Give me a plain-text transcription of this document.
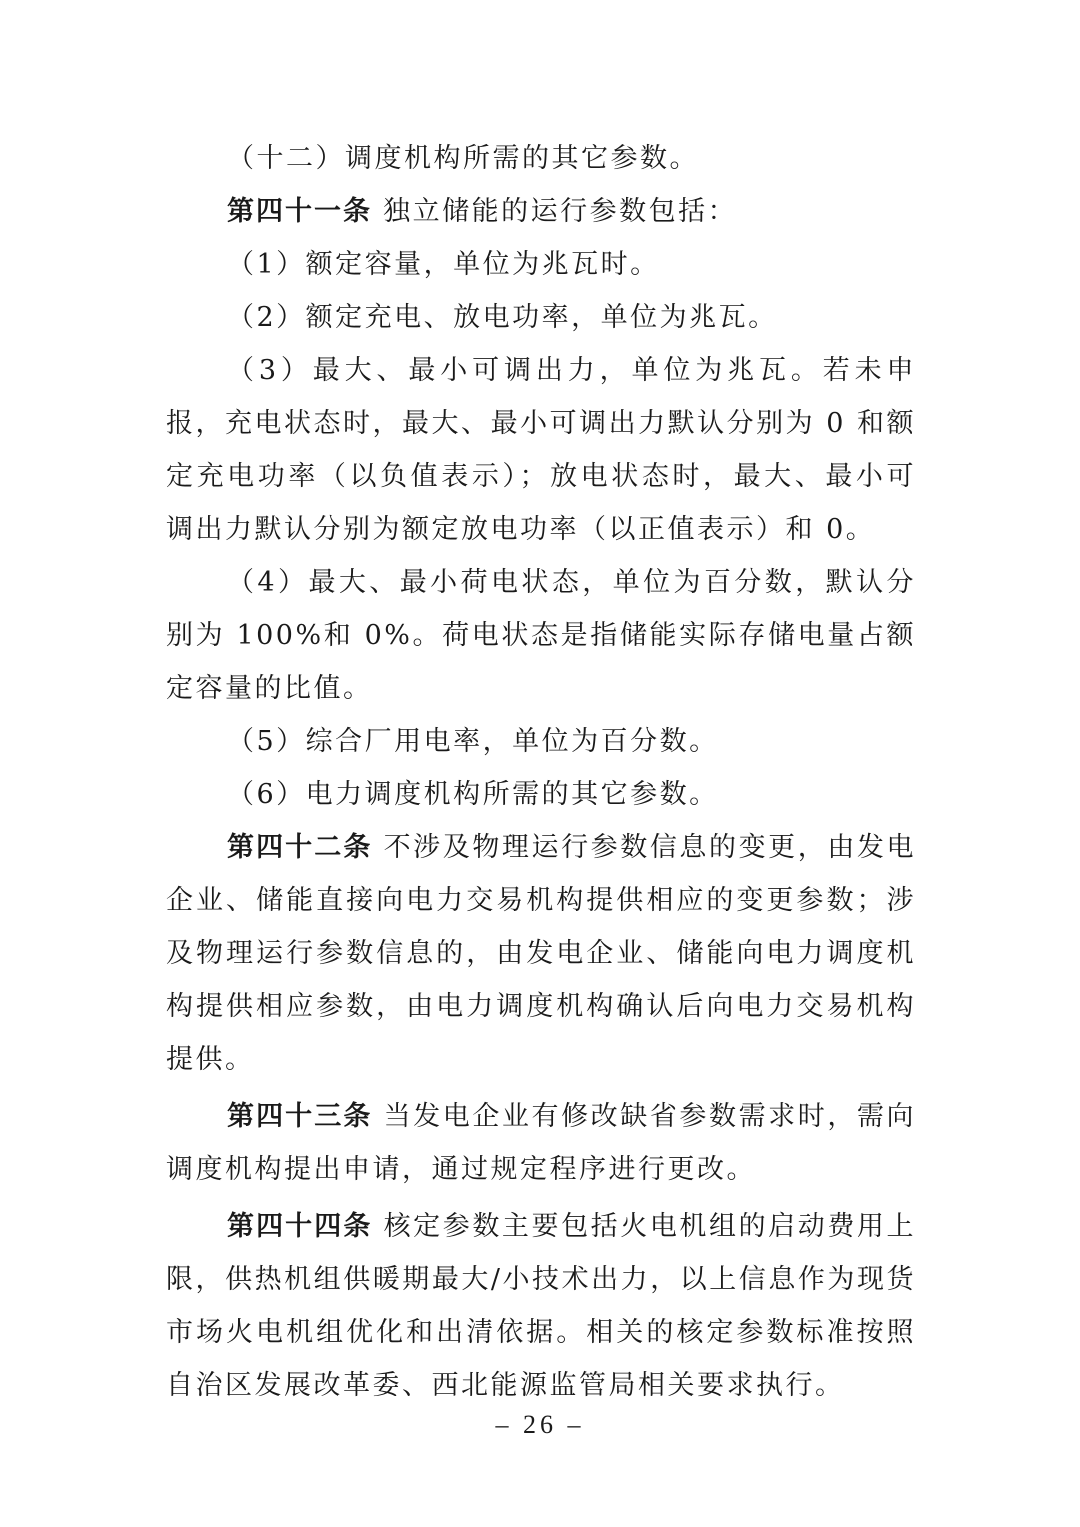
（十二）调度机构所需的其它参数。

第四十一条 独立储能的运行参数包括：

（1）额定容量，单位为兆瓦时。

（2）额定充电、放电功率，单位为兆瓦。

（3）最大、最小可调出力，单位为兆瓦。若未申报，充电状态时，最大、最小可调出力默认分别为 0 和额定充电功率（以负值表示）；放电状态时，最大、最小可调出力默认分别为额定放电功率（以正值表示）和 0。

（4）最大、最小荷电状态，单位为百分数，默认分别为 100%和 0%。荷电状态是指储能实际存储电量占额定容量的比值。

（5）综合厂用电率，单位为百分数。

（6）电力调度机构所需的其它参数。

第四十二条 不涉及物理运行参数信息的变更，由发电企业、储能直接向电力交易机构提供相应的变更参数；涉及物理运行参数信息的，由发电企业、储能向电力调度机构提供相应参数，由电力调度机构确认后向电力交易机构提供。

第四十三条 当发电企业有修改缺省参数需求时，需向调度机构提出申请，通过规定程序进行更改。

第四十四条 核定参数主要包括火电机组的启动费用上限，供热机组供暖期最大/小技术出力，以上信息作为现货市场火电机组优化和出清依据。相关的核定参数标准按照自治区发展改革委、西北能源监管局相关要求执行。

– 26 –
